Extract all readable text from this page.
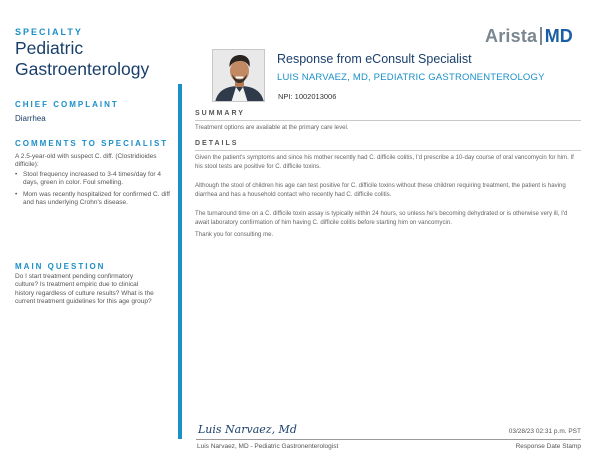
SPECIALTY
Pediatric Gastroenterology
CHIEF COMPLAINT
Diarrhea
COMMENTS TO SPECIALIST
A 2.5-year-old with suspect C. diff. (Clostridioides difficile):
• Stool frequency increased to 3-4 times/day for 4 days, green in color. Foul smelling.
• Mom was recently hospitalized for confirmed C. diff and has underlying Crohn's disease.
MAIN QUESTION
Do I start treatment pending confirmatory culture? Is treatment empiric due to clinical history regardless of culture results? What is the current treatment guidelines for this age group?
Arista MD
Response from eConsult Specialist
LUIS NARVAEZ, MD, PEDIATRIC GASTRONENTEROLOGY
NPI: 1002013006
SUMMARY
Treatment options are available at the primary care level.
DETAILS
Given the patient's symptoms and since his mother recently had C. difficile colitis, I'd prescribe a 10-day course of oral vancomycin for him. If his stool tests are positive for C. difficile toxins.
Although the stool of children his age can test positive for C. difficile toxins without these children requiring treatment, the patient is having diarrhea and has a household contact who recently had C. difficile colitis.
The turnaround time on a C. difficile toxin assay is typically within 24 hours, so unless he's becoming dehydrated or is otherwise very ill, I'd await laboratory confirmation of him having C. difficile colitis before starting him on vancomycin.
Thank you for consulting me.
Luis Narvaez, Md	03/28/23 02:31 p.m. PST
Luis Narvaez, MD - Pediatric Gastronenterologist	Response Date Stamp
